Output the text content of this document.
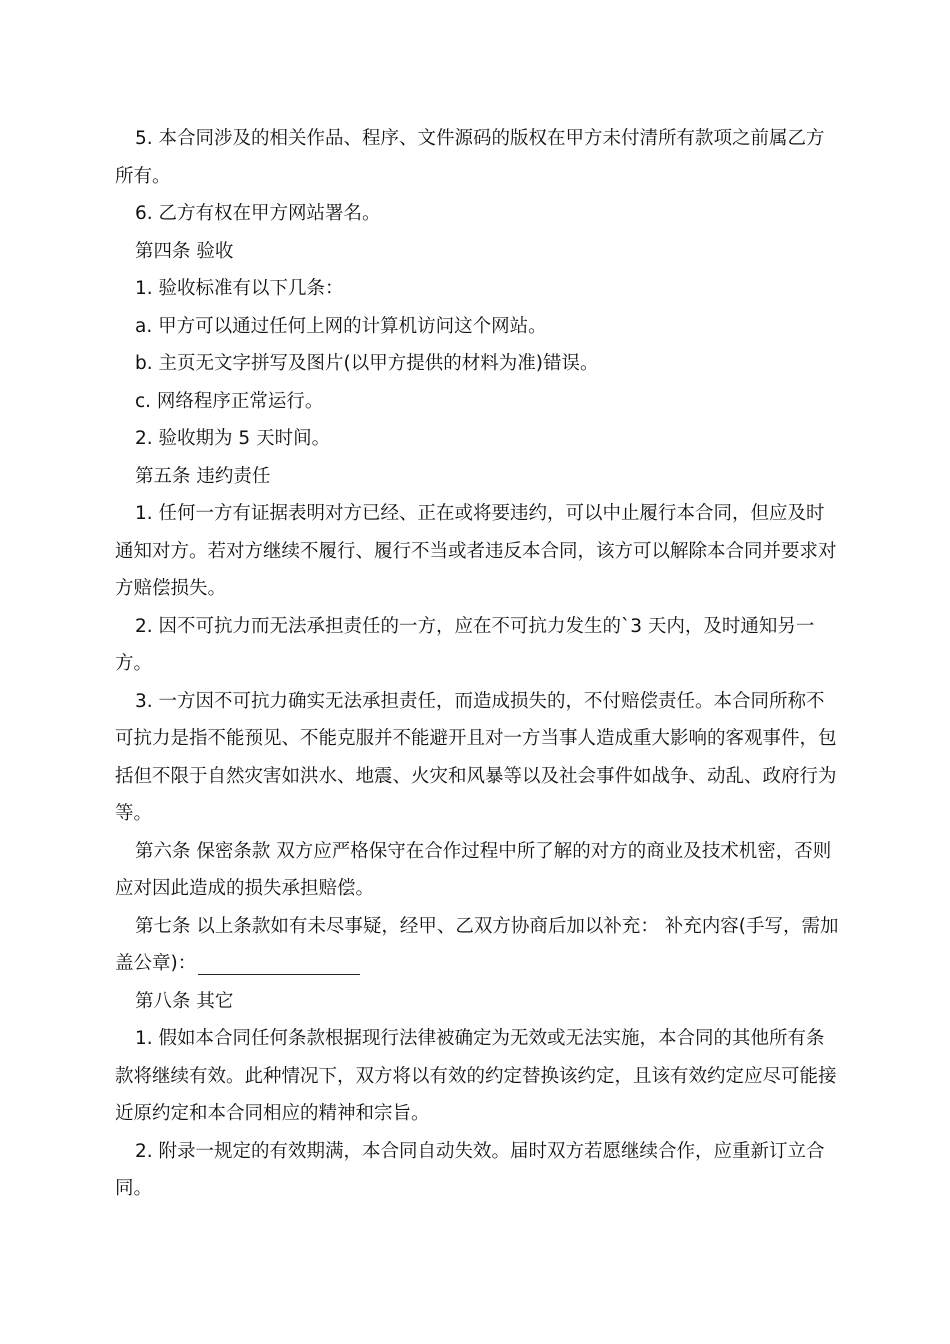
5. 本合同涉及的相关作品、程序、文件源码的版权在甲方未付清所有款项之前属乙方所有。

6. 乙方有权在甲方网站署名。

第四条 验收

1. 验收标准有以下几条：

a. 甲方可以通过任何上网的计算机访问这个网站。

b. 主页无文字拼写及图片(以甲方提供的材料为准)错误。

c. 网络程序正常运行。

2. 验收期为 5 天时间。

第五条 违约责任

1. 任何一方有证据表明对方已经、正在或将要违约，可以中止履行本合同，但应及时通知对方。若对方继续不履行、履行不当或者违反本合同，该方可以解除本合同并要求对方赔偿损失。

2. 因不可抗力而无法承担责任的一方，应在不可抗力发生的`3 天内，及时通知另一方。

3. 一方因不可抗力确实无法承担责任，而造成损失的，不付赔偿责任。本合同所称不可抗力是指不能预见、不能克服并不能避开且对一方当事人造成重大影响的客观事件，包括但不限于自然灾害如洪水、地震、火灾和风暴等以及社会事件如战争、动乱、政府行为等。

第六条 保密条款 双方应严格保守在合作过程中所了解的对方的商业及技术机密，否则应对因此造成的损失承担赔偿。

第七条 以上条款如有未尽事疑，经甲、乙双方协商后加以补充： 补充内容(手写，需加盖公章)：

第八条 其它

1. 假如本合同任何条款根据现行法律被确定为无效或无法实施，本合同的其他所有条款将继续有效。此种情况下，双方将以有效的约定替换该约定，且该有效约定应尽可能接近原约定和本合同相应的精神和宗旨。

2. 附录一规定的有效期满，本合同自动失效。届时双方若愿继续合作，应重新订立合同。
